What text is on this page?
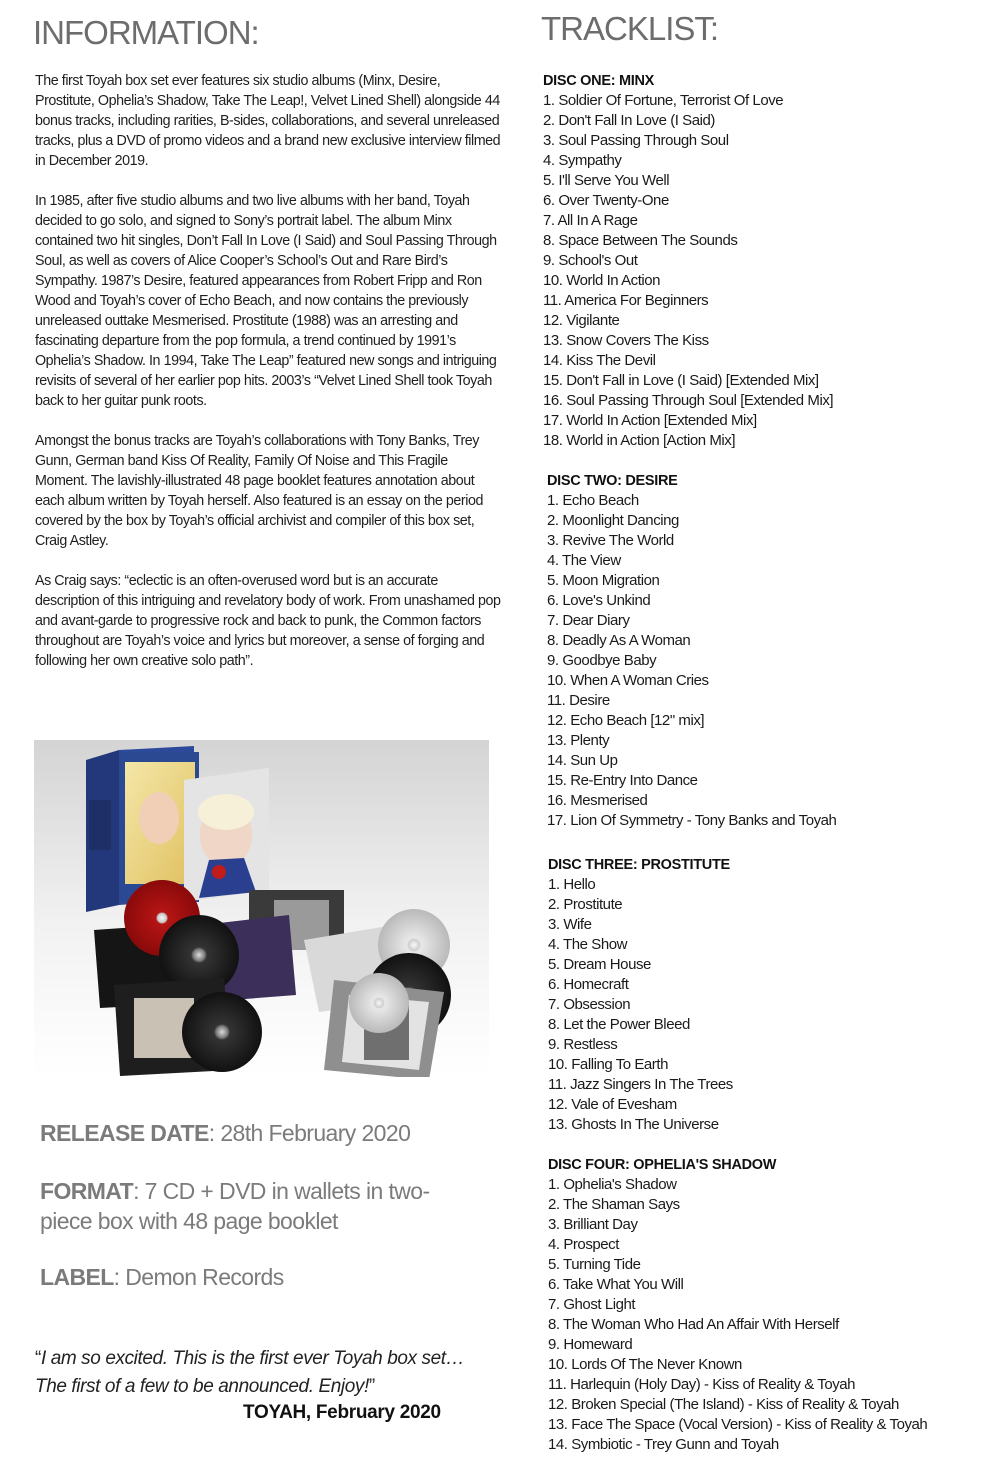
INFORMATION:	TRACKLIST:

The first Toyah box set ever features six studio albums (Minx, Desire, Prostitute, Ophelia’s Shadow, Take The Leap!, Velvet Lined Shell) alongside 44 bonus tracks, including rarities, B-sides, collaborations, and several unreleased tracks, plus a DVD of promo videos and a brand new exclusive interview filmed in December 2019.

In 1985, after five studio albums and two live albums with her band, Toyah decided to go solo, and signed to Sony’s portrait label. The album Minx contained two hit singles, Don’t Fall In Love (I Said) and Soul Passing Through Soul, as well as covers of Alice Cooper’s School’s Out and Rare Bird’s Sympathy. 1987’s Desire, featured appearances from Robert Fripp and Ron Wood and Toyah’s cover of Echo Beach, and now contains the previously unreleased outtake Mesmerised. Prostitute (1988) was an arresting and fascinating departure from the pop formula, a trend continued by 1991’s Ophelia’s Shadow. In 1994, Take The Leap” featured new songs and intriguing revisits of several of her earlier pop hits. 2003’s “Velvet Lined Shell took Toyah back to her guitar punk roots.

Amongst the bonus tracks are Toyah’s collaborations with Tony Banks, Trey Gunn, German band Kiss Of Reality, Family Of Noise and This Fragile Moment. The lavishly-illustrated 48 page booklet features annotation about each album written by Toyah herself. Also featured is an essay on the period covered by the box by Toyah’s official archivist and compiler of this box set, Craig Astley.

As Craig says: “eclectic is an often-overused word but is an accurate description of this intriguing and revelatory body of work. From unashamed pop and avant-garde to progressive rock and back to punk, the Common factors throughout are Toyah’s voice and lyrics but moreover, a sense of forging and following her own creative solo path”.

RELEASE DATE: 28th February 2020
FORMAT: 7 CD + DVD in wallets in two-piece box with 48 page booklet
LABEL: Demon Records
“I am so excited. This is the first ever Toyah box set… The first of a few to be announced. Enjoy!”
TOYAH, February 2020
DISC ONE: MINX
1. Soldier Of Fortune, Terrorist Of Love
2. Don't Fall In Love (I Said)
3. Soul Passing Through Soul
4. Sympathy
5. I'll Serve You Well
6. Over Twenty-One
7. All In A Rage
8. Space Between The Sounds
9. School's Out
10. World In Action
11. America For Beginners
12. Vigilante
13. Snow Covers The Kiss
14. Kiss The Devil
15. Don't Fall in Love (I Said) [Extended Mix]
16. Soul Passing Through Soul [Extended Mix]
17. World In Action [Extended Mix]
18. World in Action [Action Mix]
DISC TWO: DESIRE
1. Echo Beach
2. Moonlight Dancing
3. Revive The World
4. The View
5. Moon Migration
6. Love's Unkind
7. Dear Diary
8. Deadly As A Woman
9. Goodbye Baby
10. When A Woman Cries
11. Desire
12. Echo Beach [12" mix]
13. Plenty
14. Sun Up
15. Re-Entry Into Dance
16. Mesmerised
17. Lion Of Symmetry - Tony Banks and Toyah
DISC THREE: PROSTITUTE
1. Hello
2. Prostitute
3. Wife
4. The Show
5. Dream House
6. Homecraft
7. Obsession
8. Let the Power Bleed
9. Restless
10. Falling To Earth
11. Jazz Singers In The Trees
12. Vale of Evesham
13. Ghosts In The Universe
DISC FOUR: OPHELIA'S SHADOW
1. Ophelia's Shadow
2. The Shaman Says
3. Brilliant Day
4. Prospect
5. Turning Tide
6. Take What You Will
7. Ghost Light
8. The Woman Who Had An Affair With Herself
9. Homeward
10. Lords Of The Never Known
11. Harlequin (Holy Day) - Kiss of Reality & Toyah
12. Broken Special (The Island) - Kiss of Reality & Toyah
13. Face The Space (Vocal Version) - Kiss of Reality & Toyah
14. Symbiotic - Trey Gunn and Toyah
